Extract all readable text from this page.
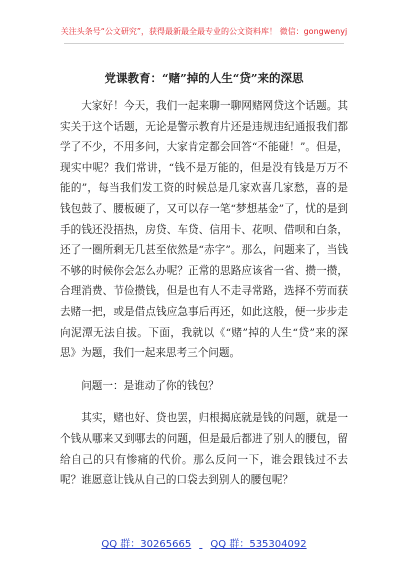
关注头条号“公文研究”，获得最新最全最专业的公文资料库！ 微信：gongwenyj
党课教育：“赌”掉的人生“贷”来的深思

大家好！今天，我们一起来聊一聊网赌网贷这个话题。其实关于这个话题，无论是警示教育片还是违规违纪通报我们都学了不少，不用多问，大家肯定都会回答“不能碰！”。但是，现实中呢？我们常讲，“钱不是万能的，但是没有钱是万万不能的”，每当我们发工资的时候总是几家欢喜几家愁，喜的是钱包鼓了、腰板硬了，又可以存一笔“梦想基金”了，忧的是到手的钱还没捂热，房贷、车贷、信用卡、花呗、借呗和白条，还了一圈所剩无几甚至依然是“赤字”。那么，问题来了，当钱不够的时候你会怎么办呢？正常的思路应该省一省、攒一攒，合理消费、节俭攒钱，但是也有人不走寻常路，选择不劳而获去赌一把，或是借点钱应急事后再还，如此这般，便一步步走向泥潭无法自拔。下面，我就以《“赌”掉的人生“贷”来的深思》为题，我们一起来思考三个问题。

问题一：是谁动了你的钱包？

其实，赌也好、贷也罢，归根揭底就是钱的问题，就是一个钱从哪来又到哪去的问题，但是最后都进了别人的腰包，留给自己的只有惨痛的代价。那么反问一下，谁会跟钱过不去呢？谁愿意让钱从自己的口袋去到别人的腰包呢？

QQ 群：30265665 QQ 群：535304092
